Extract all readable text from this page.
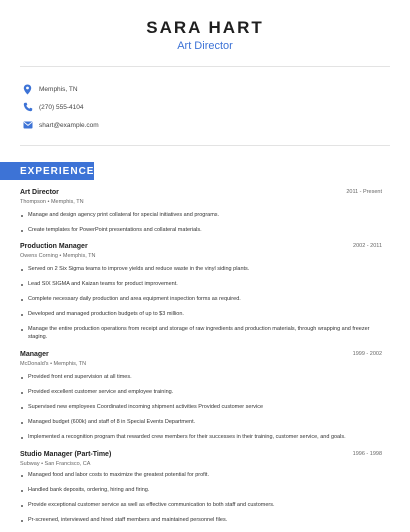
SARA HART
Art Director
Memphis, TN
(270) 555-4104
shart@example.com
EXPERIENCE
Art Director	2011 - Present
Thompson • Memphis, TN
Manage and design agency print collateral for special initiatives and programs.
Create templates for PowerPoint presentations and collateral materials.
Production Manager	2002 - 2011
Owens Corning • Memphis, TN
Served on 2 Six Sigma teams to improve yields and reduce waste in the vinyl siding plants.
Lead SIX SIGMA and Kaizan teams for product improvement.
Complete necessary daily production and area equipment inspection forms as required.
Developed and managed production budgets of up to $3 million.
Manage the entire production operations from receipt and storage of raw ingredients and production materials, through wrapping and freezer staging.
Manager	1999 - 2002
McDonald's • Memphis, TN
Provided front end supervision at all times.
Provided excellent customer service and employee training.
Supervised new employees Coordinated incoming shipment activities Provided customer service
Managed budget (600k) and staff of 8 in Special Events Department.
Implemented a recognition program that rewarded crew members for their successes in their training, customer service, and goals.
Studio Manager (Part-Time)	1996 - 1998
Subway • San Francisco, CA
Managed food and labor costs to maximize the greatest potential for profit.
Handled bank deposits, ordering, hiring and firing.
Provide exceptional customer service as well as effective communication to both staff and customers.
Pr-screened, interviewed and hired staff members and maintained personnel files.
